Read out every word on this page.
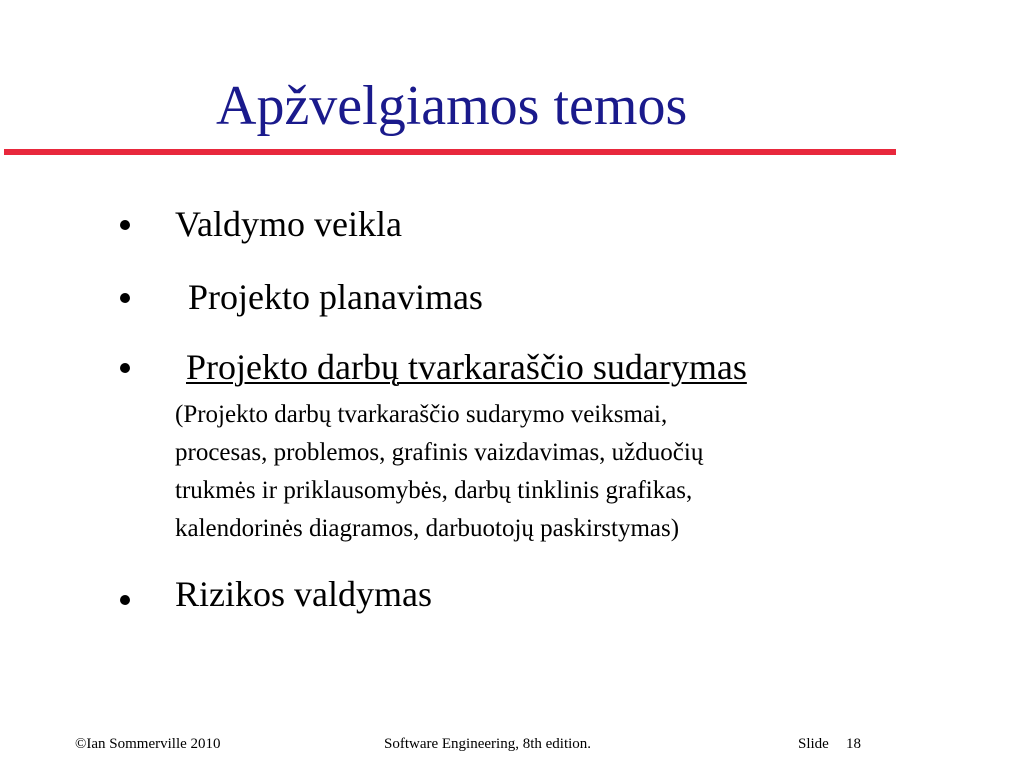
Apžvelgiamos temos
Valdymo veikla
Projekto planavimas
Projekto darbų tvarkaraščio sudarymas
(Projekto darbų tvarkaraščio sudarymo veiksmai,
procesas, problemos, grafinis vaizdavimas, užduočių
trukmės ir priklausomybės, darbų tinklinis grafikas,
kalendorinės diagramos, darbuotojų paskirstymas)
Rizikos valdymas
©Ian Sommerville 2010	Software Engineering, 8th edition.	Slide 18
